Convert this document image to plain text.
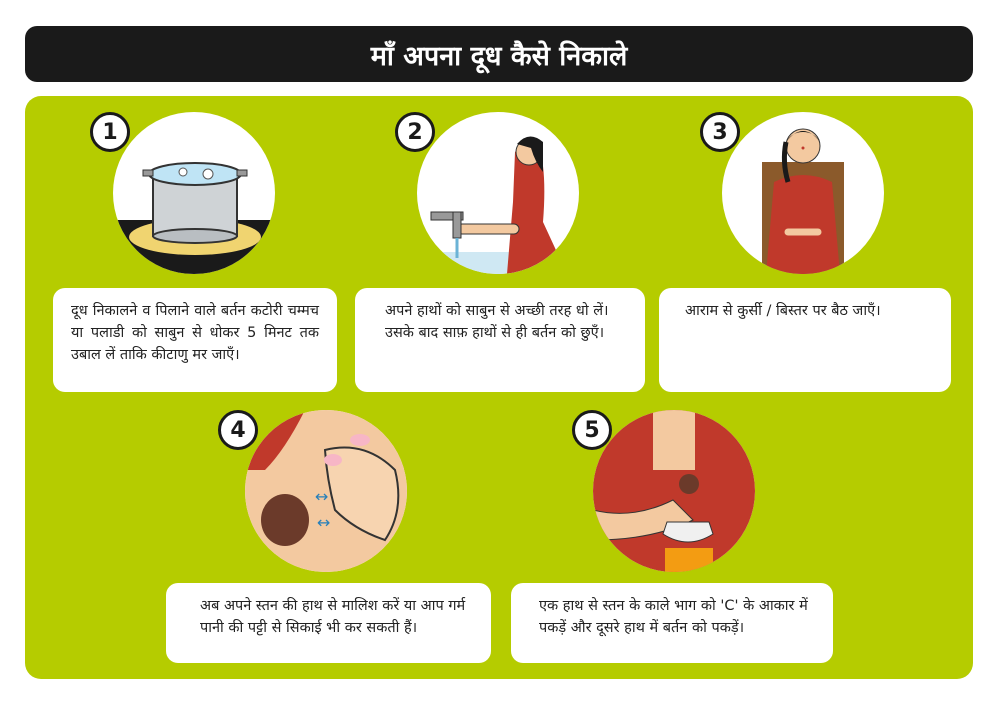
माँ अपना दूध कैसे निकाले
1
दूध निकालने व पिलाने वाले बर्तन कटोरी चम्मच या पलाडी को साबुन से धोकर 5 मिनट तक उबाल लें ताकि कीटाणु मर जाएँ।
2
अपने हाथों को साबुन से अच्छी तरह धो लें। उसके बाद साफ़ हाथों से ही बर्तन को छुएँ।
3
आराम से कुर्सी / बिस्तर पर बैठ जाएँ।
↔
↔
4
अब अपने स्तन की हाथ से मालिश करें या आप गर्म पानी की पट्टी से सिकाई भी कर सकती हैं।
5
एक हाथ से स्तन के काले भाग को 'C' के आकार में पकड़ें और दूसरे हाथ में बर्तन को पकड़ें।
